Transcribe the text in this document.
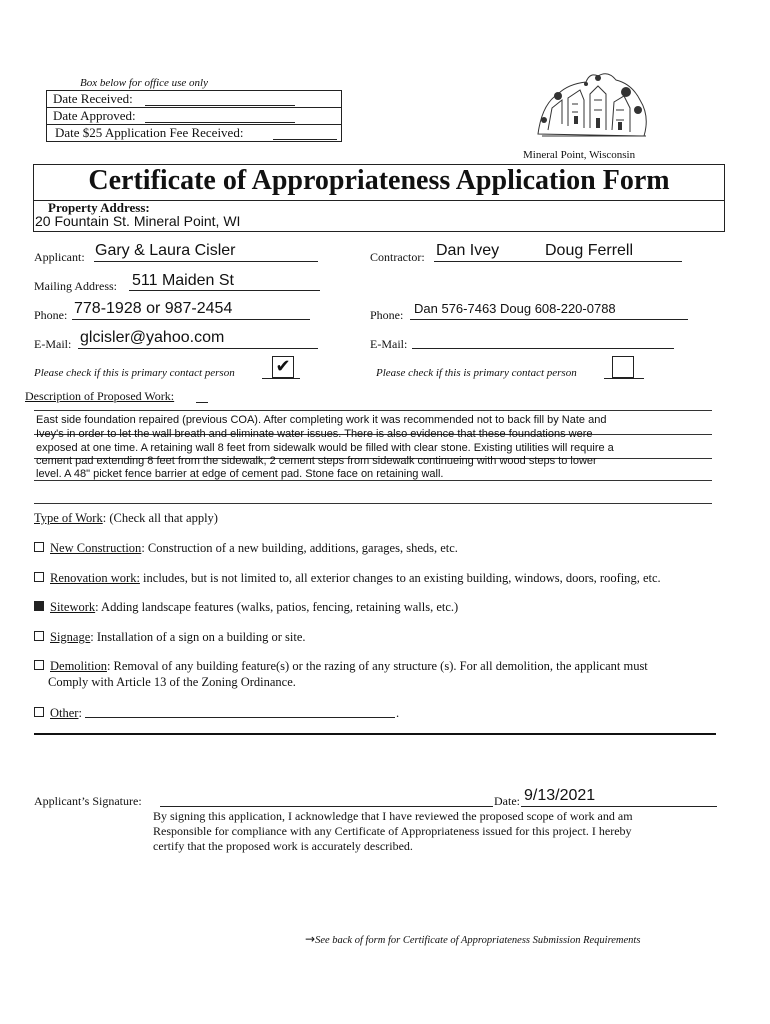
Box below for office use only
Date Received:
Date Approved:
Date $25 Application Fee Received:
Mineral Point, Wisconsin
Certificate of Appropriateness Application Form
Property Address:
20 Fountain St. Mineral Point, WI
Applicant: Gary & Laura Cisler
Mailing Address: 511 Maiden St
Phone: 778-1928 or 987-2454
E-Mail: glcisler@yahoo.com
Please check if this is primary contact person ✔
Contractor: Dan Ivey	Doug Ferrell
Phone: Dan 576-7463 Doug 608-220-0788
E-Mail:
Please check if this is primary contact person
Description of Proposed Work:
East side foundation repaired (previous COA). After completing work it was recommended not to back fill by Nate and
Ivey's in order to let the wall breath and eliminate water issues. There is also evidence that these foundations were
exposed at one time. A retaining wall 8 feet from sidewalk would be filled with clear stone. Existing utilities will require a
cement pad extending 8 feet from the sidewalk, 2 cement steps from sidewalk continueing with wood steps to lower
level. A 48" picket fence barrier at edge of cement pad. Stone face on retaining wall.
Type of Work: (Check all that apply)
New Construction: Construction of a new building, additions, garages, sheds, etc.
Renovation work: includes, but is not limited to, all exterior changes to an existing building, windows, doors, roofing, etc.
Sitework: Adding landscape features (walks, patios, fencing, retaining walls, etc.)
Signage: Installation of a sign on a building or site.
Demolition: Removal of any building feature(s) or the razing of any structure (s). For all demolition, the applicant must
Comply with Article 13 of the Zoning Ordinance.
Other:	.
Applicant’s Signature:	Date: 9/13/2021
By signing this application, I acknowledge that I have reviewed the proposed scope of work and am
Responsible for compliance with any Certificate of Appropriateness issued for this project. I hereby
certify that the proposed work is accurately described.
→See back of form for Certificate of Appropriateness Submission Requirements
